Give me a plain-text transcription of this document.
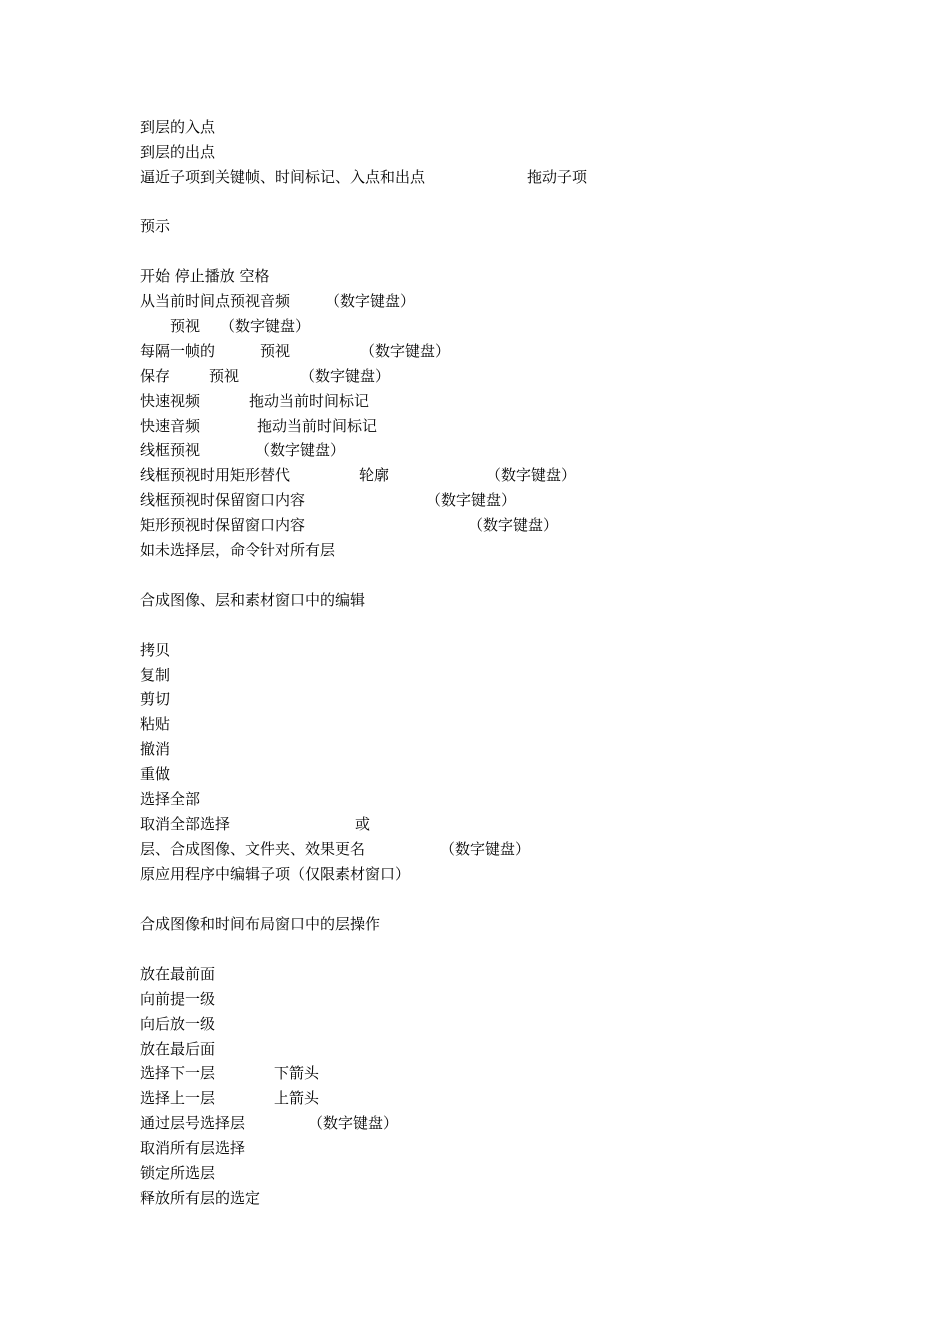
到层的入点
到层的出点
逼近子项到关键帧、时间标记、入点和出点	拖动子项
预示
开始 停止播放 空格
从当前时间点预视音频 （数字键盘）
预视 （数字键盘）
每隔一帧的	预视	（数字键盘）
保存	预视	（数字键盘）
快速视频	拖动当前时间标记
快速音频	拖动当前时间标记
线框预视	（数字键盘）
线框预视时用矩形替代	轮廓	（数字键盘）
线框预视时保留窗口内容	（数字键盘）
矩形预视时保留窗口内容	（数字键盘）
如未选择层，命令针对所有层
合成图像、层和素材窗口中的编辑
拷贝
复制
剪切
粘贴
撤消
重做
选择全部
取消全部选择	或
层、合成图像、文件夹、效果更名	（数字键盘）
原应用程序中编辑子项（仅限素材窗口）
合成图像和时间布局窗口中的层操作
放在最前面
向前提一级
向后放一级
放在最后面
选择下一层	下箭头
选择上一层	上箭头
通过层号选择层	（数字键盘）
取消所有层选择
锁定所选层
释放所有层的选定
